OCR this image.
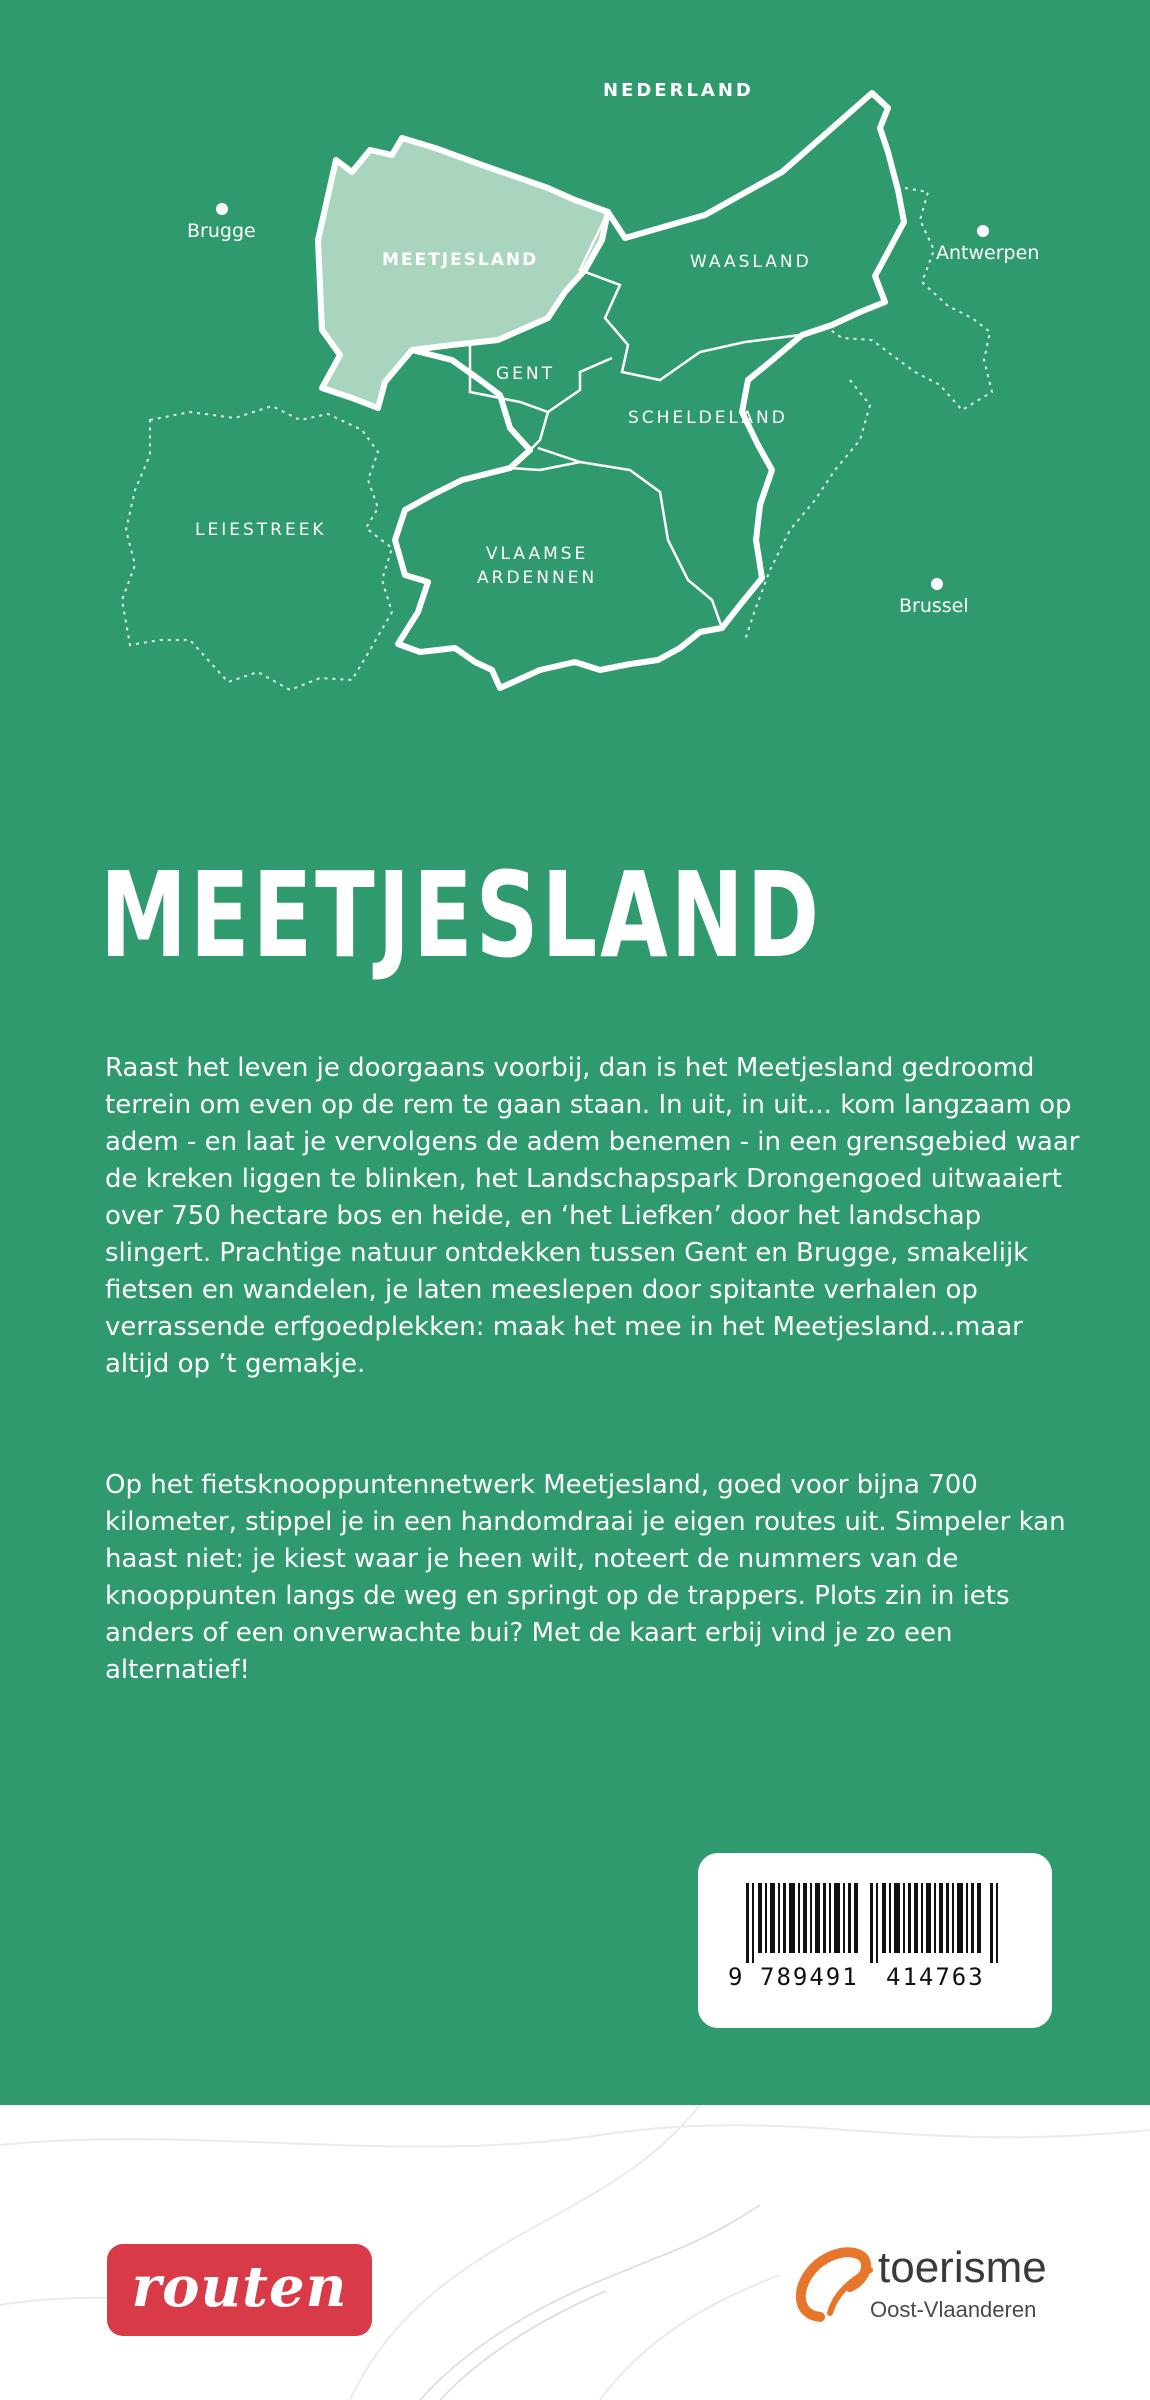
NEDERLAND
Brugge
Antwerpen
Brussel
MEETJESLAND	WAASLAND
GENT
SCHELDELAND
LEIESTREEK
VLAAMSE
ARDENNEN
MEETJESLAND
Raast het leven je doorgaans voorbij, dan is het Meetjesland gedroomd terrein om even op de rem te gaan staan. In uit, in uit... kom langzaam op adem - en laat je vervolgens de adem benemen - in een grensgebied waar de kreken liggen te blinken, het Landschapspark Drongengoed uitwaaiert over 750 hectare bos en heide, en ‘het Liefken’ door het landschap slingert. Prachtige natuur ontdekken tussen Gent en Brugge, smakelijk fietsen en wandelen, je laten meeslepen door spitante verhalen op verrassende erfgoedplekken: maak het mee in het Meetjesland...maar altijd op ’t gemakje.
Op het fietsknooppuntennetwerk Meetjesland, goed voor bijna 700 kilometer, stippel je in een handomdraai je eigen routes uit. Simpeler kan haast niet: je kiest waar je heen wilt, noteert de nummers van de knooppunten langs de weg en springt op de trappers. Plots zin in iets anders of een onverwachte bui? Met de kaart erbij vind je zo een alternatief!
9 789491 414763
routen	toerisme
Oost-Vlaanderen
